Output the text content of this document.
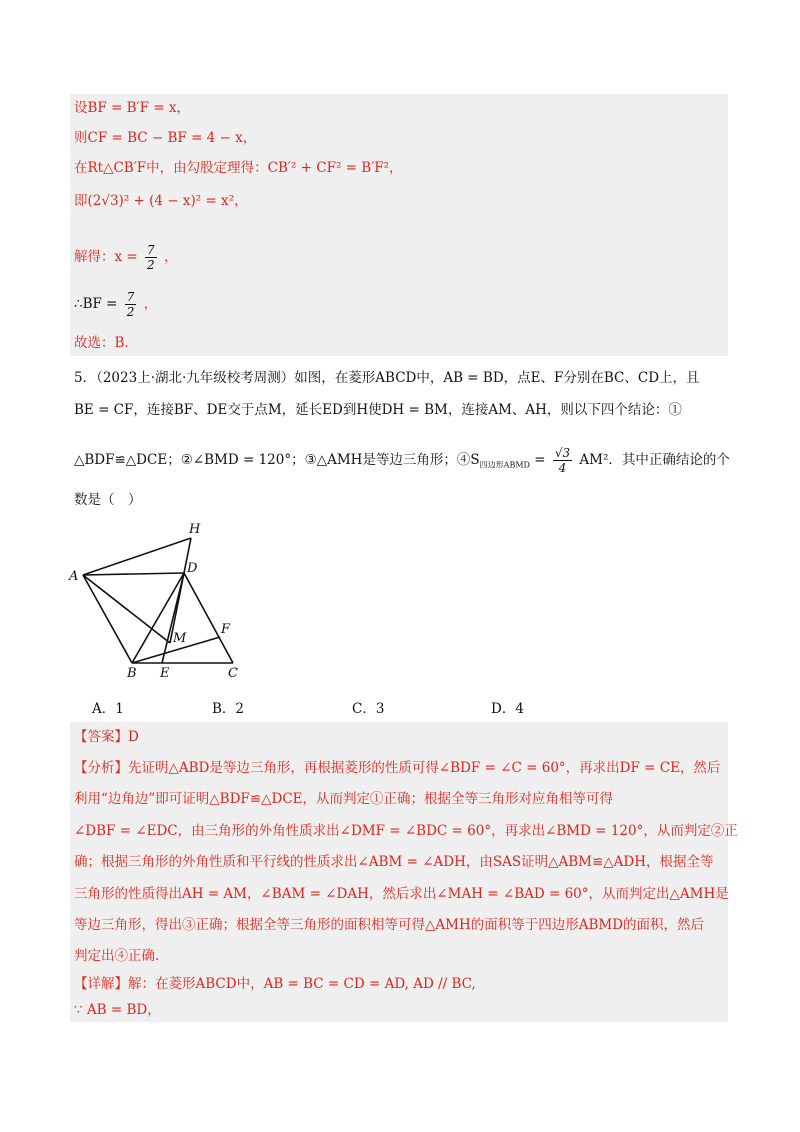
设BF = B′F = x，
则CF = BC − BF = 4 − x，
在Rt△CB′F中，由勾股定理得：CB′² + CF² = B′F²，
即(2√3)² + (4 − x)² = x²，
解得：$x = \frac{7}{2}$ ，
∴BF = $\frac{7}{2}$ ，
故选：B.
5．（2023上·湖北·九年级校考周测）如图，在菱形ABCD中，AB = BD，点E、F分别在BC、CD上，且
BE = CF，连接BF、DE交于点M，延长ED到H使DH = BM，连接AM、AH，则以下四个结论：①
△BDF≌△DCE；②∠BMD = 120°；③△AMH是等边三角形；$④S_{四边形ABMD} = \frac{√3}{4} AM^2$．其中正确结论的个
数是（　）
H
A
D
M
F
B E	C
A．1	B．2	C．3	D．4
【答案】D
【分析】先证明△ABD是等边三角形，再根据菱形的性质可得∠BDF = ∠C = 60°，再求出DF = CE，然后
利用“边角边”即可证明△BDF≌△DCE，从而判定①正确；根据全等三角形对应角相等可得
∠DBF = ∠EDC，由三角形的外角性质求出∠DMF = ∠BDC = 60°，再求出∠BMD = 120°，从而判定②正
确；根据三角形的外角性质和平行线的性质求出∠ABM = ∠ADH，由SAS证明△ABM≌△ADH，根据全等
三角形的性质得出AH = AM，∠BAM = ∠DAH，然后求出∠MAH = ∠BAD = 60°，从而判定出△AMH是
等边三角形，得出③正确；根据全等三角形的面积相等可得△AMH的面积等于四边形ABMD的面积，然后
判定出④正确.
【详解】解：在菱形ABCD中，AB = BC = CD = AD, AD // BC,
∵ AB = BD，
